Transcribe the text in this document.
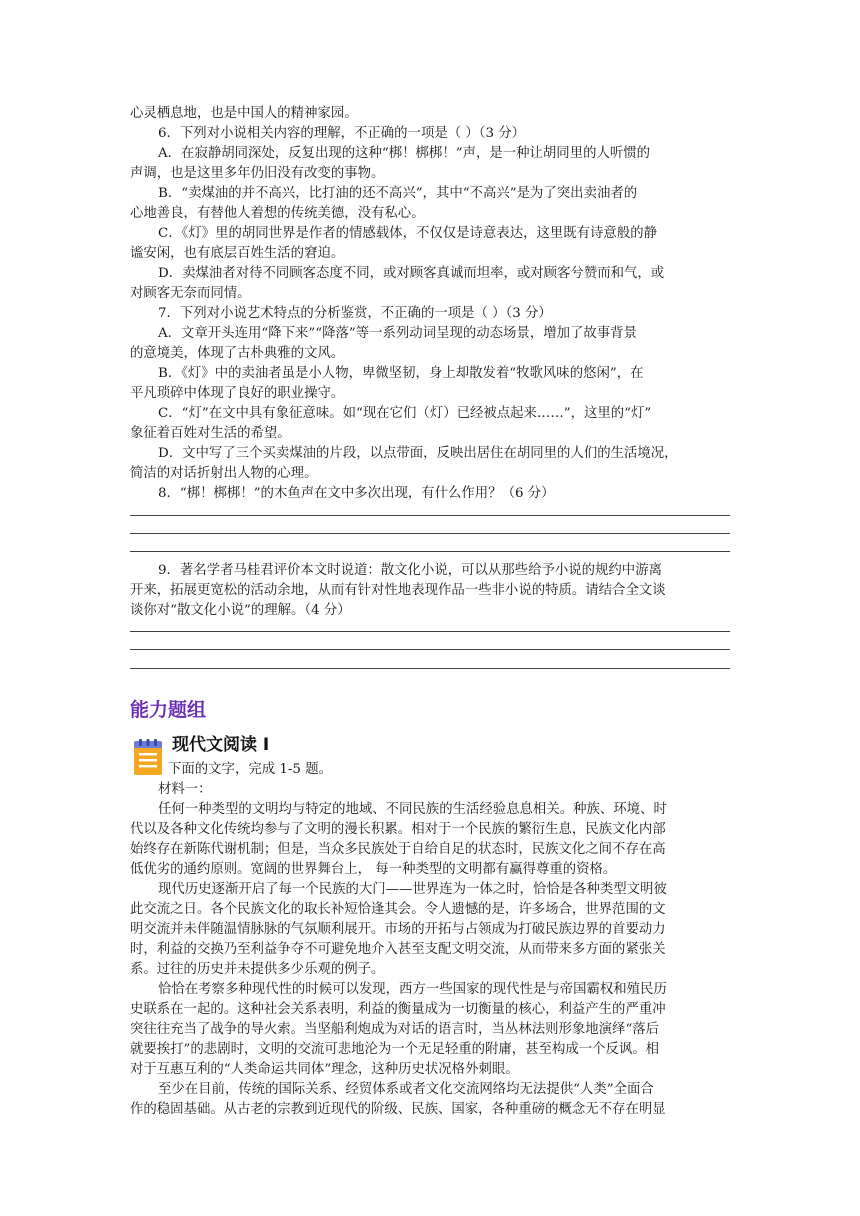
心灵栖息地，也是中国人的精神家园。
6．下列对小说相关内容的理解，不正确的一项是（ ）（3 分）
A．在寂静胡同深处，反复出现的这种“梆！梆梆！”声，是一种让胡同里的人听惯的
声调，也是这里多年仍旧没有改变的事物。
B．“卖煤油的并不高兴，比打油的还不高兴”，其中“不高兴”是为了突出卖油者的
心地善良，有替他人着想的传统美德，没有私心。
C．《灯》里的胡同世界是作者的情感载体，不仅仅是诗意表达，这里既有诗意般的静
谧安闲，也有底层百姓生活的窘迫。
D．卖煤油者对待不同顾客态度不同，或对顾客真诚而坦率，或对顾客兮赞而和气，或
对顾客无奈而同情。
7．下列对小说艺术特点的分析鉴赏，不正确的一项是（ ）（3 分）
A．文章开头连用“降下来”“降落”等一系列动词呈现的动态场景，增加了故事背景
的意境美，体现了古朴典雅的文风。
B．《灯》中的卖油者虽是小人物，卑微坚韧，身上却散发着“牧歌风味的悠闲”，在
平凡琐碎中体现了良好的职业操守。
C．“灯”在文中具有象征意味。如“现在它们（灯）已经被点起来……”，这里的“灯”
象征着百姓对生活的希望。
D．文中写了三个买卖煤油的片段，以点带面，反映出居住在胡同里的人们的生活境况，
简洁的对话折射出人物的心理。
8．“梆！梆梆！”的木鱼声在文中多次出现，有什么作用？（6 分）
9．著名学者马桂君评价本文时说道：散文化小说，可以从那些给予小说的规约中游离
开来，拓展更宽松的活动余地，从而有针对性地表现作品一些非小说的特质。请结合全文谈
谈你对“散文化小说”的理解。（4 分）
能力题组
现代文阅读 I
下面的文字，完成 1-5 题。
材料一：
任何一种类型的文明均与特定的地域、不同民族的生活经验息息相关。种族、环境、时
代以及各种文化传统均参与了文明的漫长积累。相对于一个民族的繁衍生息，民族文化内部
始终存在新陈代谢机制；但是，当众多民族处于自给自足的状态时，民族文化之间不存在高
低优劣的通约原则。宽阔的世界舞台上， 每一种类型的文明都有赢得尊重的资格。
现代历史逐渐开启了每一个民族的大门——世界连为一体之时，恰恰是各种类型文明彼
此交流之日。各个民族文化的取长补短恰逢其会。令人遗憾的是，许多场合，世界范围的文
明交流并未伴随温情脉脉的气氛顺利展开。市场的开拓与占领成为打破民族边界的首要动力
时，利益的交换乃至利益争夺不可避免地介入甚至支配文明交流，从而带来多方面的紧张关
系。过往的历史并未提供多少乐观的例子。
恰恰在考察多种现代性的时候可以发现，西方一些国家的现代性是与帝国霸权和殖民历
史联系在一起的。这种社会关系表明，利益的衡量成为一切衡量的核心，利益产生的严重冲
突往往充当了战争的导火索。当坚船利炮成为对话的语言时，当丛林法则形象地演绎“落后
就要挨打”的悲剧时，文明的交流可悲地沦为一个无足轻重的附庸，甚至构成一个反讽。相
对于互惠互利的“人类命运共同体”理念，这种历史状况格外刺眼。
至少在目前，传统的国际关系、经贸体系或者文化交流网络均无法提供“人类”全面合
作的稳固基础。从古老的宗教到近现代的阶级、民族、国家，各种重磅的概念无不存在明显
